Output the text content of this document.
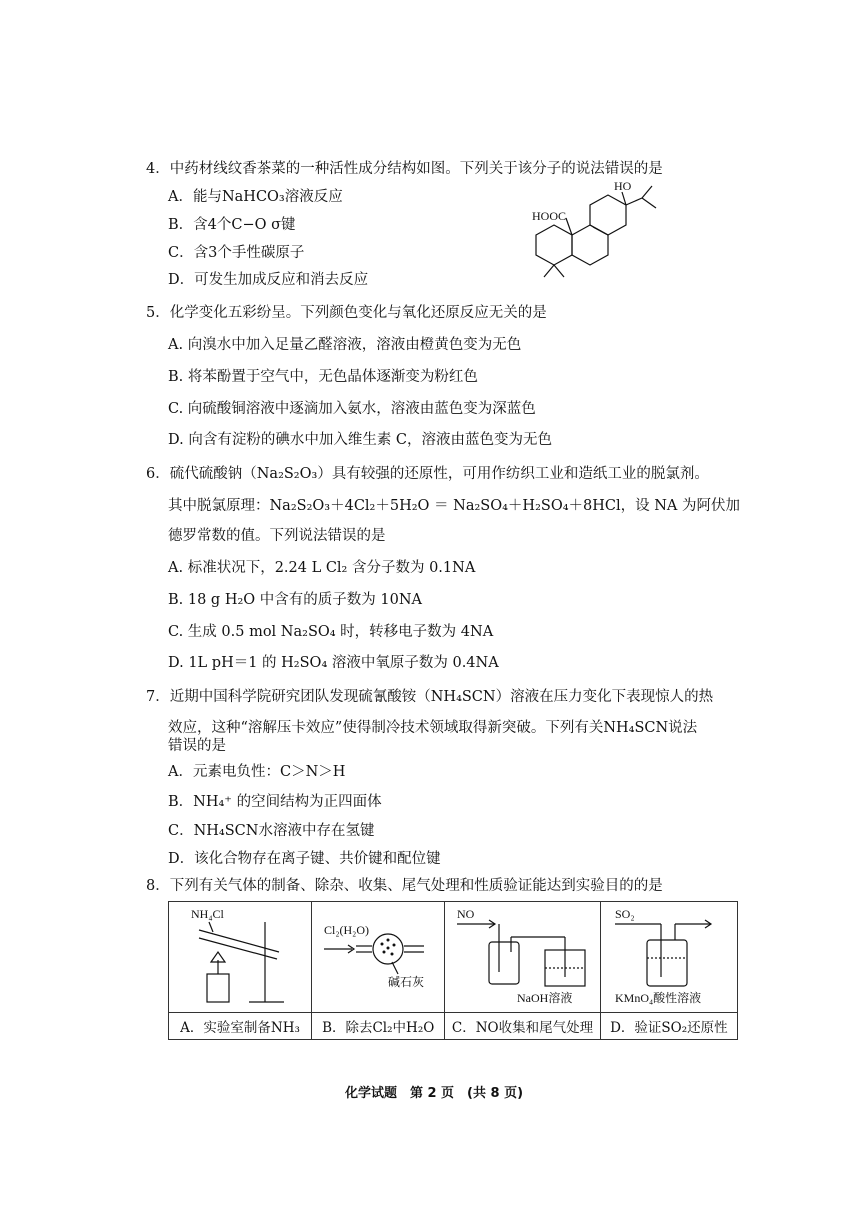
4．中药材线纹香茶菜的一种活性成分结构如图。下列关于该分子的说法错误的是
A．能与NaHCO₃溶液反应
B．含4个C−O σ键
C．含3个手性碳原子
D．可发生加成反应和消去反应
HO
HOOC
5．化学变化五彩纷呈。下列颜色变化与氧化还原反应无关的是
A. 向溴水中加入足量乙醛溶液，溶液由橙黄色变为无色
B. 将苯酚置于空气中，无色晶体逐渐变为粉红色
C. 向硫酸铜溶液中逐滴加入氨水，溶液由蓝色变为深蓝色
D. 向含有淀粉的碘水中加入维生素 C，溶液由蓝色变为无色
6．硫代硫酸钠（Na₂S₂O₃）具有较强的还原性，可用作纺织工业和造纸工业的脱氯剂。
其中脱氯原理：Na₂S₂O₃＋4Cl₂＋5H₂O ＝ Na₂SO₄＋H₂SO₄＋8HCl，设 NA 为阿伏加
德罗常数的值。下列说法错误的是
A. 标准状况下，2.24 L Cl₂ 含分子数为 0.1NA
B. 18 g H₂O 中含有的质子数为 10NA
C. 生成 0.5 mol Na₂SO₄ 时，转移电子数为 4NA
D. 1L pH＝1 的 H₂SO₄ 溶液中氧原子数为 0.4NA
7．近期中国科学院研究团队发现硫氰酸铵（NH₄SCN）溶液在压力变化下表现惊人的热
效应，这种“溶解压卡效应”使得制冷技术领域取得新突破。下列有关NH₄SCN说法
错误的是
A．元素电负性：C＞N＞H
B．NH₄⁺ 的空间结构为正四面体
C．NH₄SCN水溶液中存在氢键
D．该化合物存在离子键、共价键和配位键
8．下列有关气体的制备、除杂、收集、尾气处理和性质验证能达到实验目的的是
NH₄Cl	Cl₂(H₂O)
碱石灰	NO
NaOH溶液	SO₂
KMnO₄酸性溶液

A．实验室制备NH₃	B．除去Cl₂中H₂O	C．NO收集和尾气处理	D．验证SO₂还原性
化学试题　第 2 页　(共 8 页)
